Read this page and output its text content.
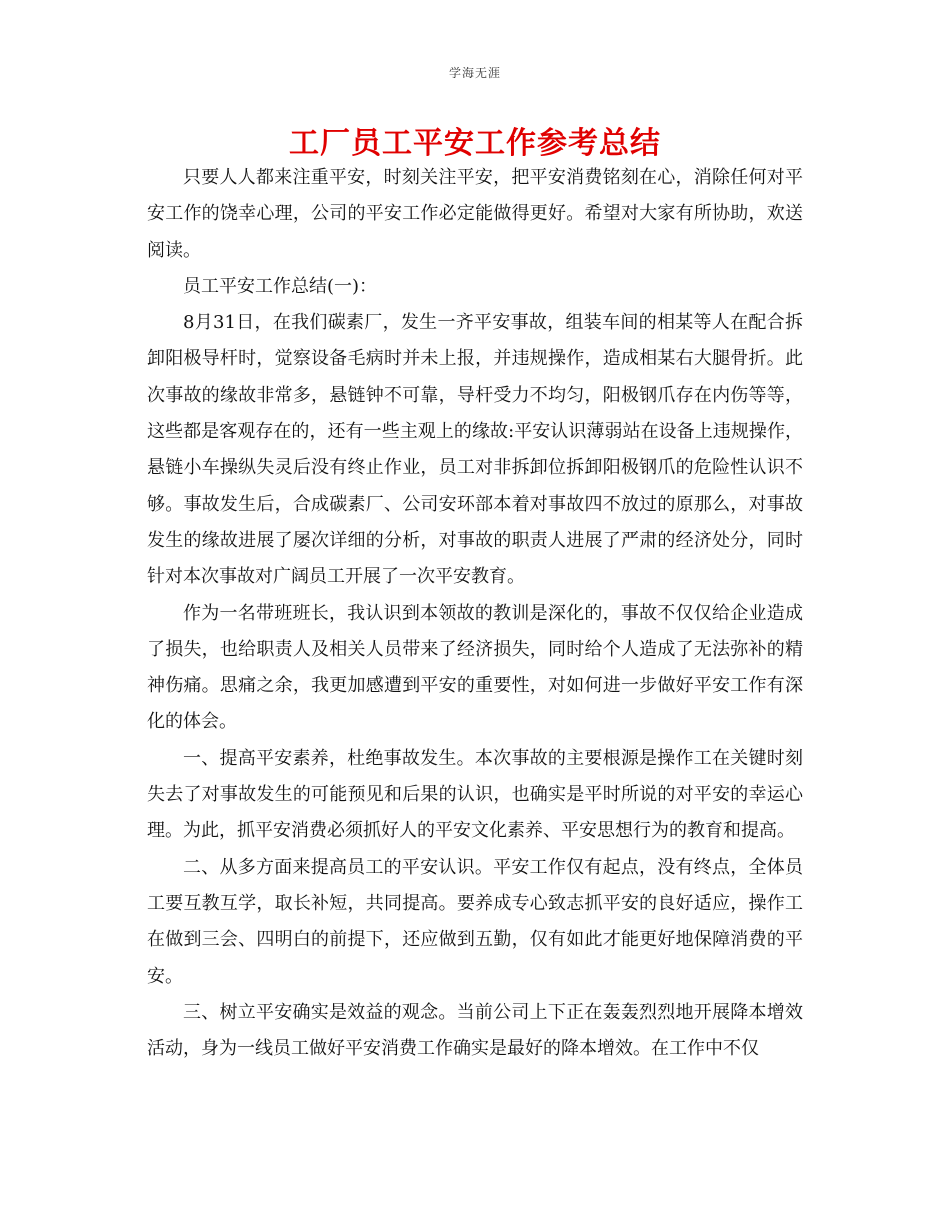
学海无涯
工厂员工平安工作参考总结

只要人人都来注重平安，时刻关注平安，把平安消费铭刻在心，消除任何对平安工作的饶幸心理，公司的平安工作必定能做得更好。希望对大家有所协助，欢送阅读。

员工平安工作总结(一)：

8月31日，在我们碳素厂，发生一齐平安事故，组装车间的相某等人在配合拆卸阳极导杆时，觉察设备毛病时并未上报，并违规操作，造成相某右大腿骨折。此次事故的缘故非常多，悬链钟不可靠，导杆受力不均匀，阳极钢爪存在内伤等等，这些都是客观存在的，还有一些主观上的缘故:平安认识薄弱站在设备上违规操作，悬链小车操纵失灵后没有终止作业，员工对非拆卸位拆卸阳极钢爪的危险性认识不够。事故发生后，合成碳素厂、公司安环部本着对事故四不放过的原那么，对事故发生的缘故进展了屡次详细的分析，对事故的职责人进展了严肃的经济处分，同时针对本次事故对广阔员工开展了一次平安教育。

作为一名带班班长，我认识到本领故的教训是深化的，事故不仅仅给企业造成了损失，也给职责人及相关人员带来了经济损失，同时给个人造成了无法弥补的精神伤痛。思痛之余，我更加感遭到平安的重要性，对如何进一步做好平安工作有深化的体会。

一、提高平安素养，杜绝事故发生。本次事故的主要根源是操作工在关键时刻失去了对事故发生的可能预见和后果的认识，也确实是平时所说的对平安的幸运心理。为此，抓平安消费必须抓好人的平安文化素养、平安思想行为的教育和提高。

二、从多方面来提高员工的平安认识。平安工作仅有起点，没有终点，全体员工要互教互学，取长补短，共同提高。要养成专心致志抓平安的良好适应，操作工在做到三会、四明白的前提下，还应做到五勤，仅有如此才能更好地保障消费的平安。

三、树立平安确实是效益的观念。当前公司上下正在轰轰烈烈地开展降本增效活动，身为一线员工做好平安消费工作确实是最好的降本增效。在工作中不仅
